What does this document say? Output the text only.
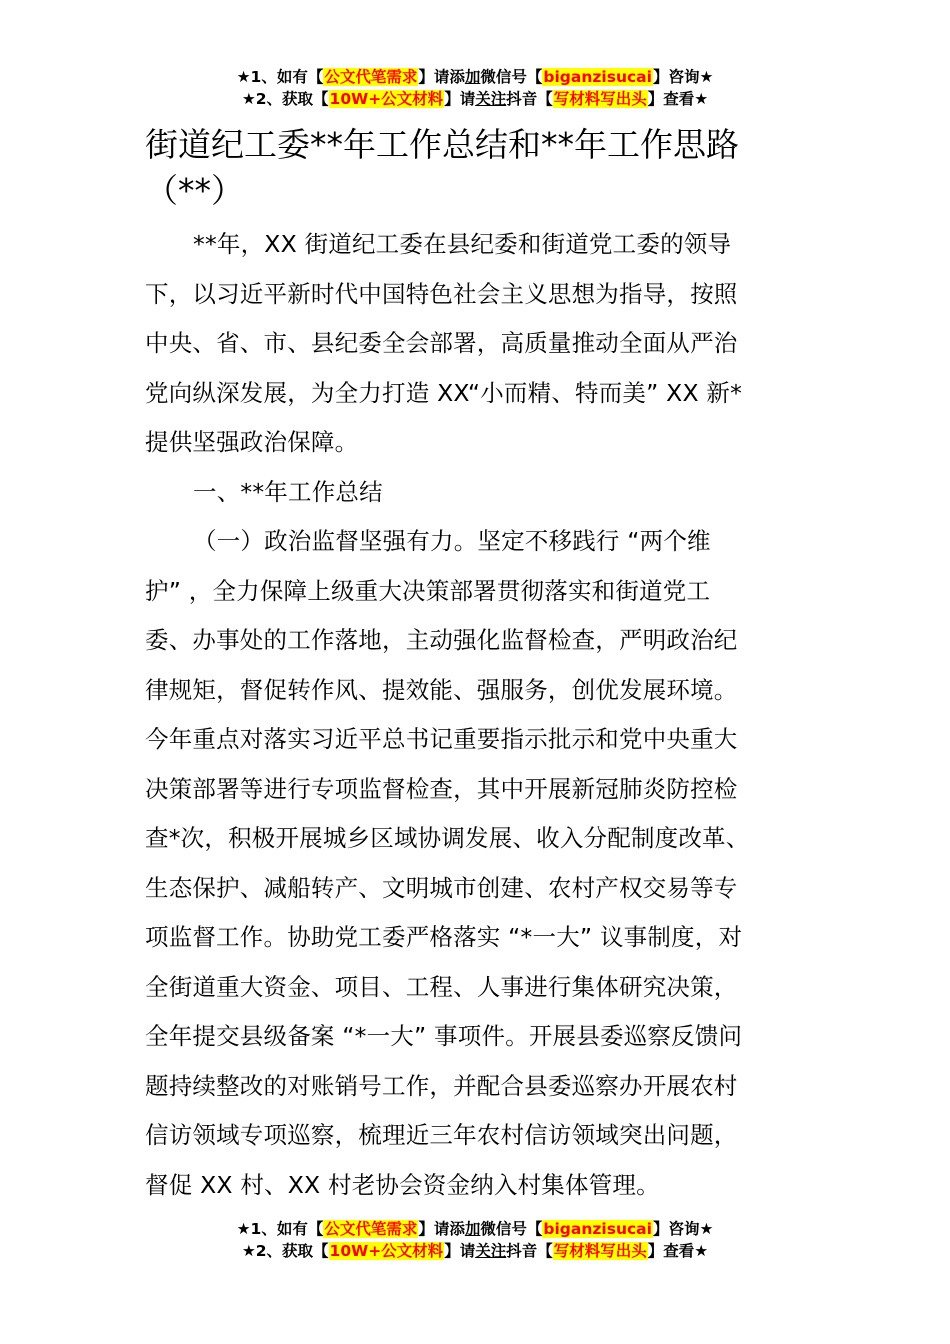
★1、如有【公文代笔需求】请添加微信号【biganzisucai】咨询★
★2、获取【10W+公文材料】请关注抖音【写材料写出头】查看★
街道纪工委**年工作总结和**年工作思路
（**）
**年，XX 街道纪工委在县纪委和街道党工委的领导
下，以习近平新时代中国特色社会主义思想为指导，按照
中央、省、市、县纪委全会部署，高质量推动全面从严治
党向纵深发展，为全力打造 XX“小而精、特而美” XX 新*
提供坚强政治保障。
一、**年工作总结
（一）政治监督坚强有力。坚定不移践行 “两个维
护” ，全力保障上级重大决策部署贯彻落实和街道党工
委、办事处的工作落地，主动强化监督检查，严明政治纪
律规矩，督促转作风、提效能、强服务，创优发展环境。
今年重点对落实习近平总书记重要指示批示和党中央重大
决策部署等进行专项监督检查，其中开展新冠肺炎防控检
查*次，积极开展城乡区域协调发展、收入分配制度改革、
生态保护、减船转产、文明城市创建、农村产权交易等专
项监督工作。协助党工委严格落实 “*一大” 议事制度，对
全街道重大资金、项目、工程、人事进行集体研究决策，
全年提交县级备案 “*一大” 事项件。开展县委巡察反馈问
题持续整改的对账销号工作，并配合县委巡察办开展农村
信访领域专项巡察，梳理近三年农村信访领域突出问题，
督促 XX 村、XX 村老协会资金纳入村集体管理。
★1、如有【公文代笔需求】请添加微信号【biganzisucai】咨询★
★2、获取【10W+公文材料】请关注抖音【写材料写出头】查看★
